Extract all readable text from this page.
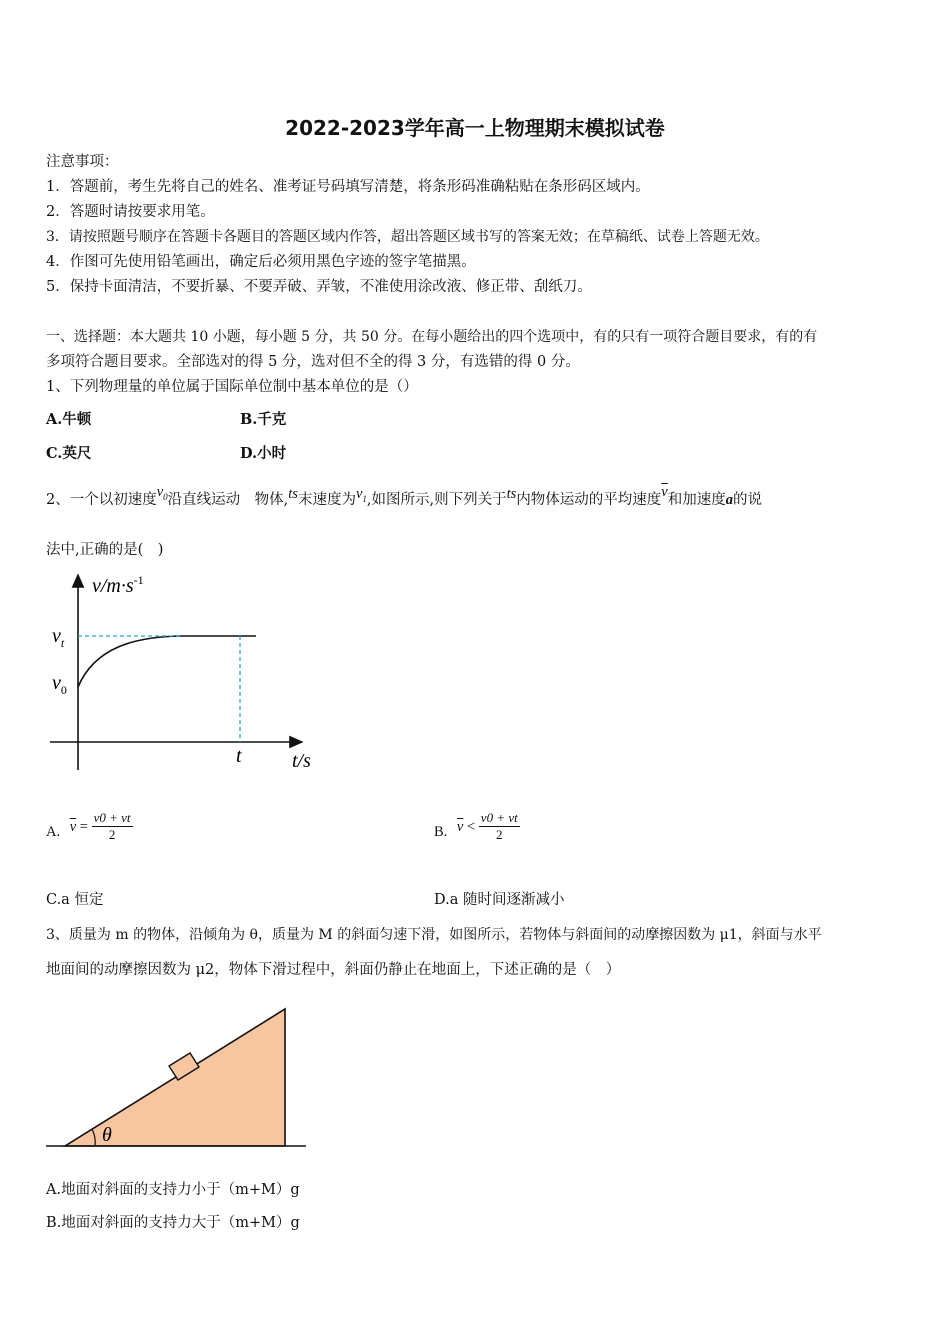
2022-2023学年高一上物理期末模拟试卷
注意事项：
1．答题前，考生先将自己的姓名、准考证号码填写清楚，将条形码准确粘贴在条形码区域内。
2．答题时请按要求用笔。
3．请按照题号顺序在答题卡各题目的答题区域内作答，超出答题区域书写的答案无效；在草稿纸、试卷上答题无效。
4．作图可先使用铅笔画出，确定后必须用黑色字迹的签字笔描黑。
5．保持卡面清洁，不要折暴、不要弄破、弄皱，不准使用涂改液、修正带、刮纸刀。
一、选择题：本大题共 10 小题，每小题 5 分，共 50 分。在每小题给出的四个选项中，有的只有一项符合题目要求，有的有
多项符合题目要求。全部选对的得 5 分，选对但不全的得 3 分，有选错的得 0 分。
1、下列物理量的单位属于国际单位制中基本单位的是（）
A.牛顿	B.千克
C.英尺	D.小时
2、一个以初速度$v_0$沿直线运动　物体,ts末速度为$v_1$,如图所示,则下列关于ts内物体运动的平均速度$\overline{v}$和加速度a的说
法中,正确的是(　)
$v/m\cdot s^{-1}$
$v_t$
$v_0$
t	t/s
A. $\overline{v} = \frac{v0 + vt}{2}$	B. $\overline{v} < \frac{v0 + vt}{2}$
C.a 恒定	D.a 随时间逐渐减小
3、质量为 m 的物体，沿倾角为 θ，质量为 M 的斜面匀速下滑，如图所示，若物体与斜面间的动摩擦因数为 μ1，斜面与水平
地面间的动摩擦因数为 μ2，物体下滑过程中，斜面仍静止在地面上，下述正确的是（　）
θ
A.地面对斜面的支持力小于（m+M）g
B.地面对斜面的支持力大于（m+M）g
